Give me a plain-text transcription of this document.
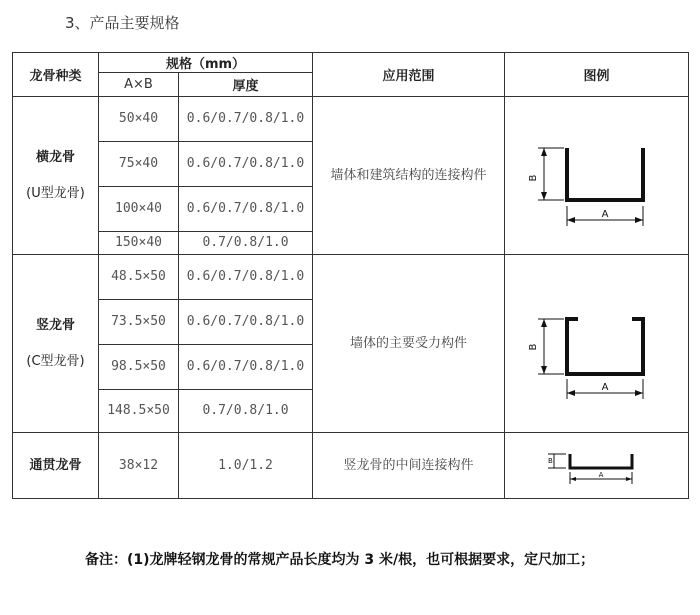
3、产品主要规格
龙骨种类	规格（mm）		应用范围	图例
	A×B	厚度		

横龙骨
(U型龙骨)	50×40	0.6/0.7/0.8/1.0	墙体和建筑结构的连接构件	B
A

	75×40	0.6/0.7/0.8/1.0		
	100×40	0.6/0.7/0.8/1.0		
	150×40	0.7/0.8/1.0		

竖龙骨
(C型龙骨)	48.5×50	0.6/0.7/0.8/1.0	墙体的主要受力构件	B
A

	73.5×50	0.6/0.7/0.8/1.0		
	98.5×50	0.6/0.7/0.8/1.0		
	148.5×50	0.7/0.8/1.0		

通贯龙骨	38×12	1.0/1.2	竖龙骨的中间连接构件	B
A
备注：(1)龙牌轻钢龙骨的常规产品长度均为 3 米/根，也可根据要求，定尺加工；
